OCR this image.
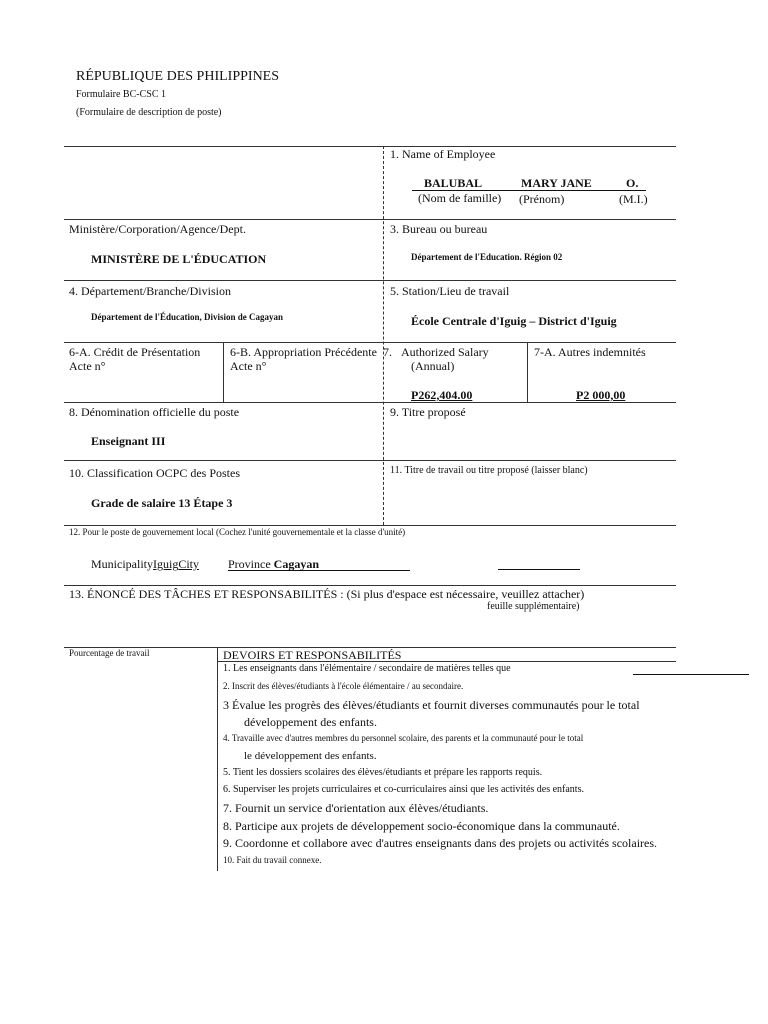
RÉPUBLIQUE DES PHILIPPINES
Formulaire BC-CSC 1
(Formulaire de description de poste)
1. Name of Employee
BALUBAL	MARY JANE	O.
(Nom de famille) (Prénom)	(M.I.)
Ministère/Corporation/Agence/Dept.
MINISTÈRE DE L'ÉDUCATION
3. Bureau ou bureau
Département de l'Education. Région 02
4. Département/Branche/Division
Département de l'Éducation, Division de Cagayan
5. Station/Lieu de travail
École Centrale d'Iguig – District d'Iguig
6-A. Crédit de Présentation
Acte n°
6-B. Appropriation Précédente
Acte n°
7. Authorized Salary
(Annual)
P262,404.00
7-A. Autres indemnités
P2 000,00
8. Dénomination officielle du poste
Enseignant III
9. Titre proposé
10. Classification OCPC des Postes
Grade de salaire 13 Étape 3
11. Titre de travail ou titre proposé (laisser blanc)
12. Pour le poste de gouvernement local (Cochez l'unité gouvernementale et la classe d'unité)
MunicipalityIguigCity Province Cagayan
13. ÉNONCÉ DES TÂCHES ET RESPONSABILITÉS : (Si plus d'espace est nécessaire, veuillez attacher)
feuille supplémentaire)
Pourcentage de travail	DEVOIRS ET RESPONSABILITÉS
1. Les enseignants dans l'élémentaire / secondaire de matières telles que
2. Inscrit des élèves/étudiants à l'école élémentaire / au secondaire.
3 Évalue les progrès des élèves/étudiants et fournit diverses communautés pour le total
développement des enfants.
4. Travaille avec d'autres membres du personnel scolaire, des parents et la communauté pour le total
le développement des enfants.
5. Tient les dossiers scolaires des élèves/étudiants et prépare les rapports requis.
6. Superviser les projets curriculaires et co-curriculaires ainsi que les activités des enfants.
7. Fournit un service d'orientation aux élèves/étudiants.
8. Participe aux projets de développement socio-économique dans la communauté.
9. Coordonne et collabore avec d'autres enseignants dans des projets ou activités scolaires.
10. Fait du travail connexe.
